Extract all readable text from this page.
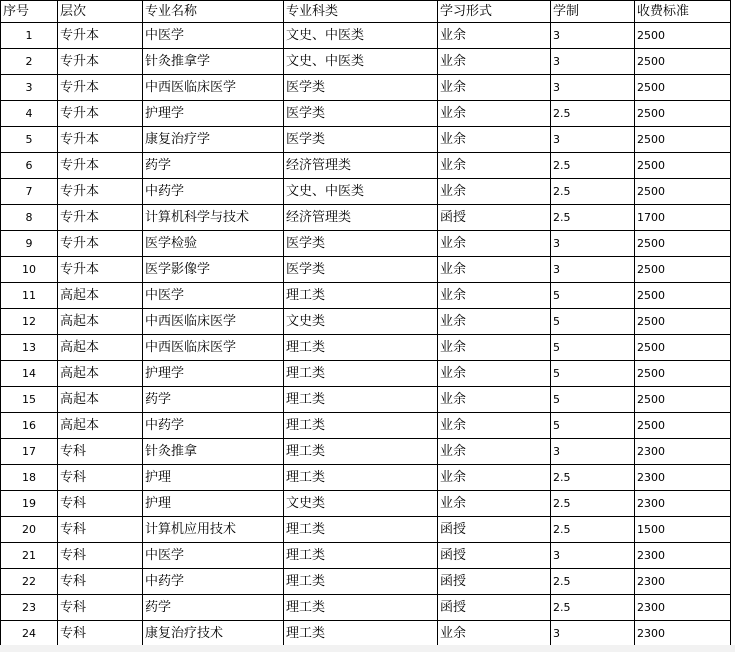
序号	层次	专业名称	专业科类	学习形式	学制	收费标准
1	专升本	中医学	文史、中医类	业余	3	2500
2	专升本	针灸推拿学	文史、中医类	业余	3	2500
3	专升本	中西医临床医学	医学类	业余	3	2500
4	专升本	护理学	医学类	业余	2.5	2500
5	专升本	康复治疗学	医学类	业余	3	2500
6	专升本	药学	经济管理类	业余	2.5	2500
7	专升本	中药学	文史、中医类	业余	2.5	2500
8	专升本	计算机科学与技术	经济管理类	函授	2.5	1700
9	专升本	医学检验	医学类	业余	3	2500
10	专升本	医学影像学	医学类	业余	3	2500
11	高起本	中医学	理工类	业余	5	2500
12	高起本	中西医临床医学	文史类	业余	5	2500
13	高起本	中西医临床医学	理工类	业余	5	2500
14	高起本	护理学	理工类	业余	5	2500
15	高起本	药学	理工类	业余	5	2500
16	高起本	中药学	理工类	业余	5	2500
17	专科	针灸推拿	理工类	业余	3	2300
18	专科	护理	理工类	业余	2.5	2300
19	专科	护理	文史类	业余	2.5	2300
20	专科	计算机应用技术	理工类	函授	2.5	1500
21	专科	中医学	理工类	函授	3	2300
22	专科	中药学	理工类	函授	2.5	2300
23	专科	药学	理工类	函授	2.5	2300
24	专科	康复治疗技术	理工类	业余	3	2300
